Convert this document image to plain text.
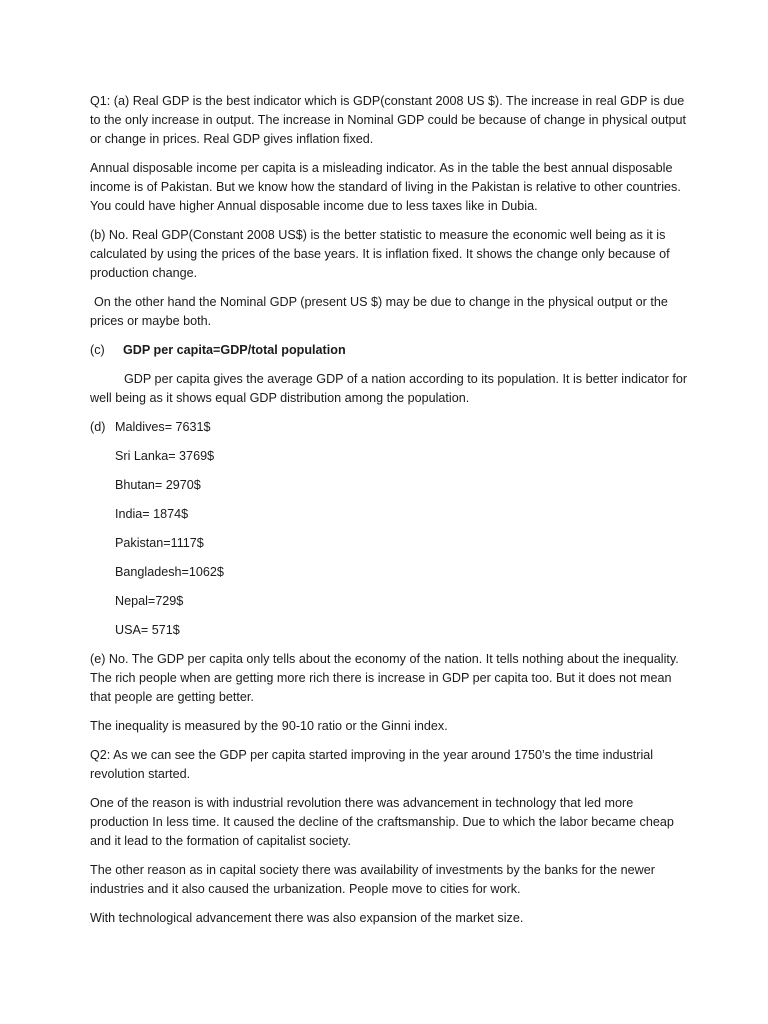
Q1: (a) Real GDP is the best indicator which is GDP(constant 2008 US $). The increase in real GDP is due to the only increase in output. The increase in Nominal GDP could be because of change in physical output or change in prices. Real GDP gives inflation fixed.

Annual disposable income per capita is a misleading indicator. As in the table the best annual disposable income is of Pakistan. But we know how the standard of living in the Pakistan is relative to other countries. You could have higher Annual disposable income due to less taxes like in Dubia.

(b) No. Real GDP(Constant 2008 US$) is the better statistic to measure the economic well being as it is calculated by using the prices of the base years. It is inflation fixed. It shows the change only because of production change.

On the other hand the Nominal GDP (present US $) may be due to change in the physical output or the prices or maybe both.

(c)	GDP per capita=GDP/total population

GDP per capita gives the average GDP of a nation according to its population. It is better indicator for well being as it shows equal GDP distribution among the population.

(d) Maldives= 7631$
Sri Lanka= 3769$
Bhutan= 2970$
India= 1874$
Pakistan=1117$
Bangladesh=1062$
Nepal=729$
USA= 571$

(e) No. The GDP per capita only tells about the economy of the nation. It tells nothing about the inequality. The rich people when are getting more rich there is increase in GDP per capita too. But it does not mean that people are getting better.

The inequality is measured by the 90-10 ratio or the Ginni index.

Q2: As we can see the GDP per capita started improving in the year around 1750’s the time industrial revolution started.

One of the reason is with industrial revolution there was advancement in technology that led more production In less time. It caused the decline of the craftsmanship. Due to which the labor became cheap and it lead to the formation of capitalist society.

The other reason as in capital society there was availability of investments by the banks for the newer industries and it also caused the urbanization. People move to cities for work.

With technological advancement there was also expansion of the market size.
